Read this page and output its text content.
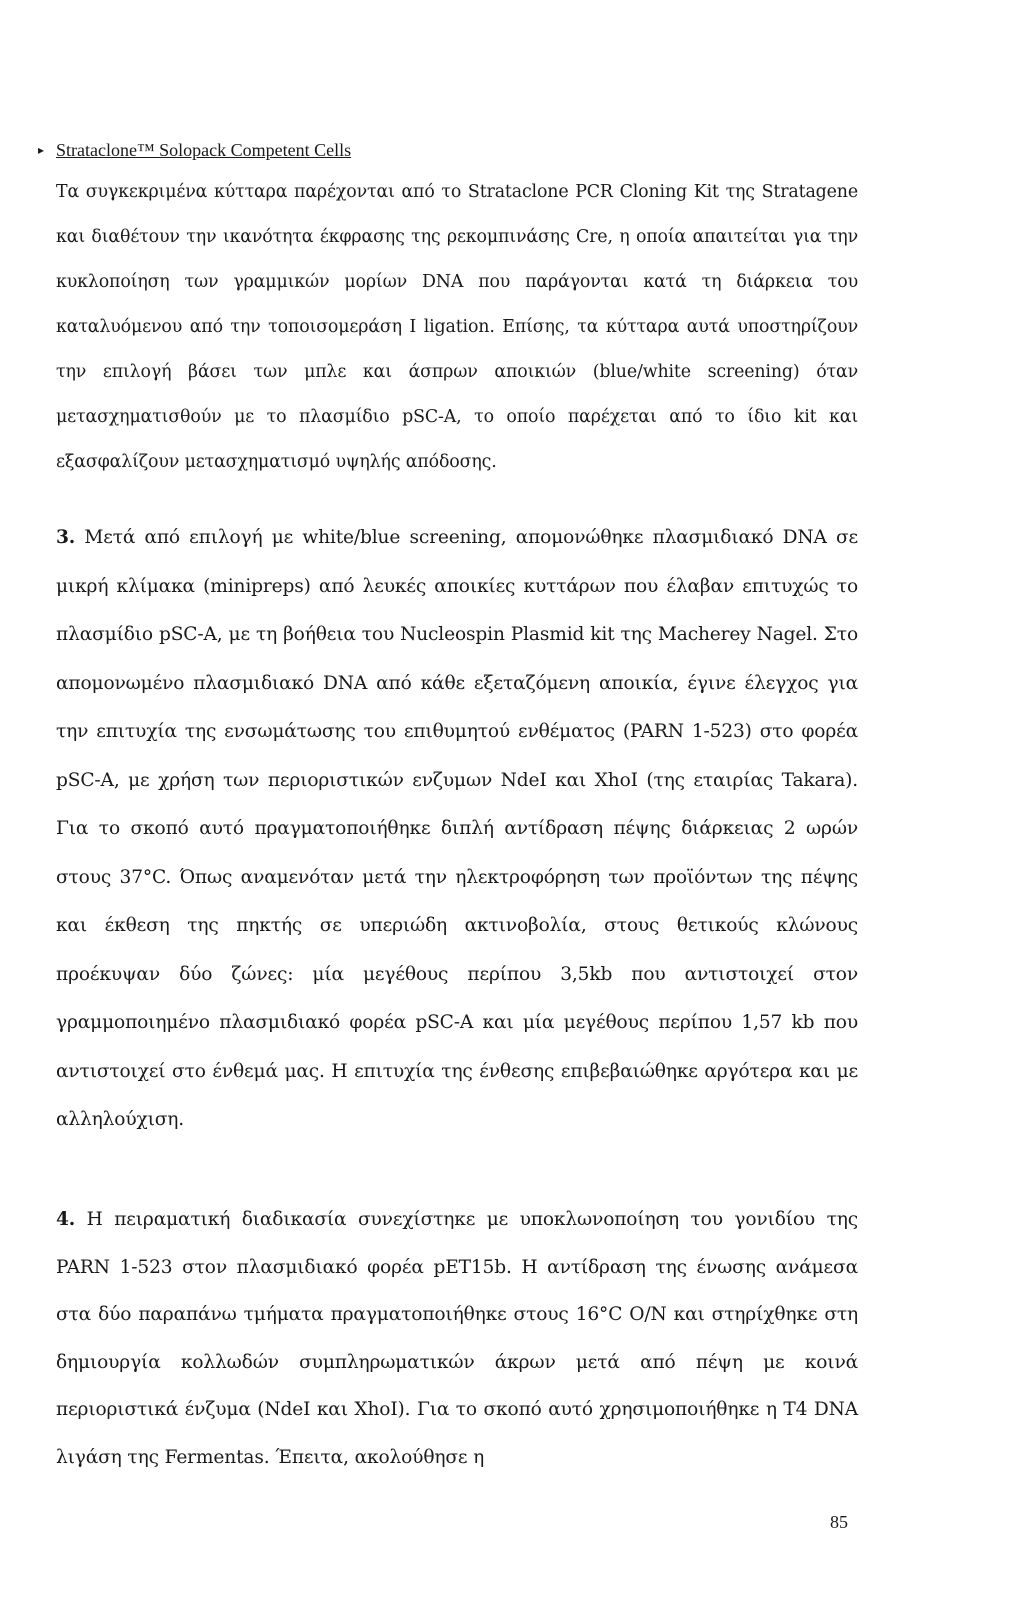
▸ Strataclone™ Solopack Competent Cells
Τα συγκεκριμένα κύτταρα παρέχονται από το Strataclone PCR Cloning Kit της Stratagene και διαθέτουν την ικανότητα έκφρασης της ρεκομπινάσης Cre, η οποία απαιτείται για την κυκλοποίηση των γραμμικών μορίων DNA που παράγονται κατά τη διάρκεια του καταλυόμενου από την τοποισομεράση I ligation. Επίσης, τα κύτταρα αυτά υποστηρίζουν την επιλογή βάσει των μπλε και άσπρων αποικιών (blue/white screening) όταν μετασχηματισθούν με το πλασμίδιο pSC-A, το οποίο παρέχεται από το ίδιο kit και εξασφαλίζουν μετασχηματισμό υψηλής απόδοσης.
3. Μετά από επιλογή με white/blue screening, απομονώθηκε πλασμιδιακό DNA σε μικρή κλίμακα (minipreps) από λευκές αποικίες κυττάρων που έλαβαν επιτυχώς το πλασμίδιο pSC-A, με τη βοήθεια του Nucleospin Plasmid kit της Macherey Nagel. Στο απομονωμένο πλασμιδιακό DNA από κάθε εξεταζόμενη αποικία, έγινε έλεγχος για την επιτυχία της ενσωμάτωσης του επιθυμητού ενθέματος (PARN 1-523) στο φορέα pSC-A, με χρήση των περιοριστικών ενζυμων NdeI και XhoI (της εταιρίας Takara). Για το σκοπό αυτό πραγματοποιήθηκε διπλή αντίδραση πέψης διάρκειας 2 ωρών στους 37°C. Όπως αναμενόταν μετά την ηλεκτροφόρηση των προϊόντων της πέψης και έκθεση της πηκτής σε υπεριώδη ακτινοβολία, στους θετικούς κλώνους προέκυψαν δύο ζώνες: μία μεγέθους περίπου 3,5kb που αντιστοιχεί στον γραμμοποιημένο πλασμιδιακό φορέα pSC-A και μία μεγέθους περίπου 1,57 kb που αντιστοιχεί στο ένθεμά μας. Η επιτυχία της ένθεσης επιβεβαιώθηκε αργότερα και με αλληλούχιση.
4. Η πειραματική διαδικασία συνεχίστηκε με υποκλωνοποίηση του γονιδίου της PARN 1-523 στον πλασμιδιακό φορέα pET15b. Η αντίδραση της ένωσης ανάμεσα στα δύο παραπάνω τμήματα πραγματοποιήθηκε στους 16°C O/N και στηρίχθηκε στη δημιουργία κολλωδών συμπληρωματικών άκρων μετά από πέψη με κοινά περιοριστικά ένζυμα (NdeI και XhoI). Για το σκοπό αυτό χρησιμοποιήθηκε η T4 DNA λιγάση της Fermentas. Έπειτα, ακολούθησε η
85
